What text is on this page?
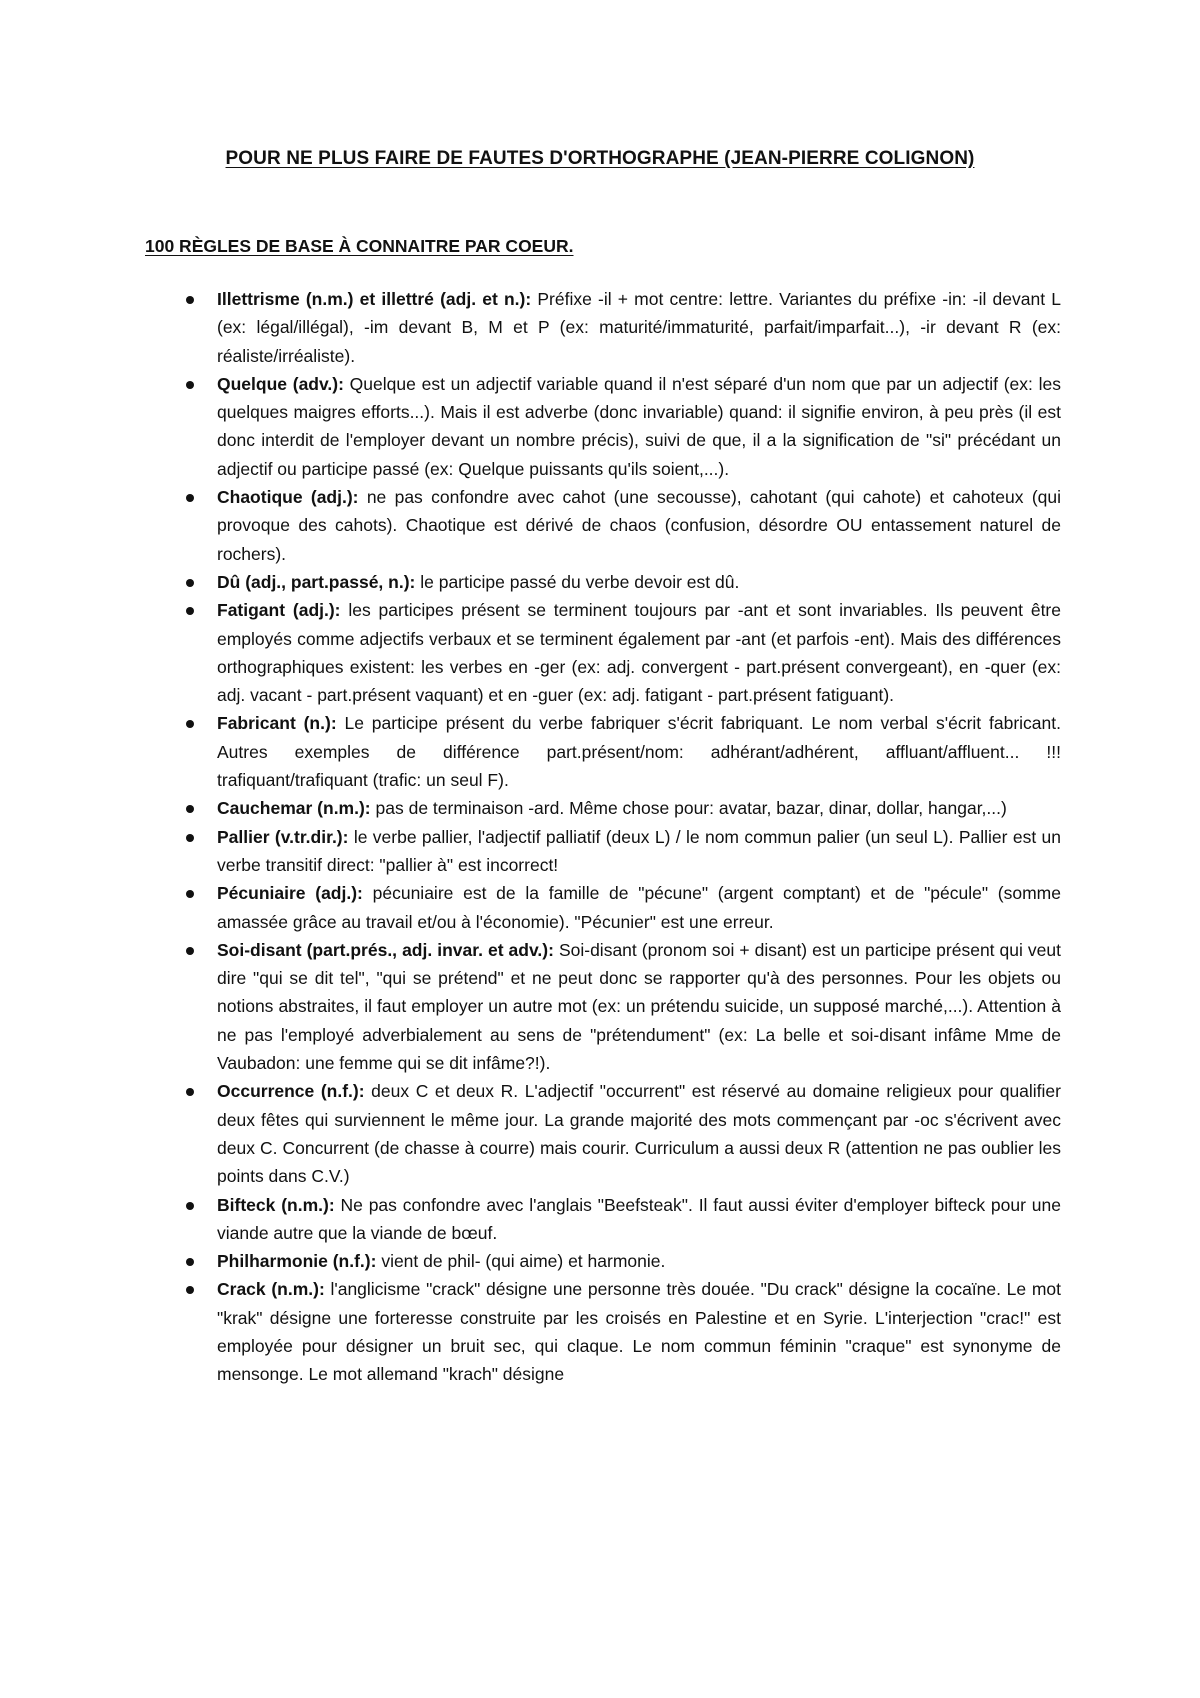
POUR NE PLUS FAIRE DE FAUTES D'ORTHOGRAPHE (JEAN-PIERRE COLIGNON)

100 RÈGLES DE BASE À CONNAITRE PAR COEUR.

Illettrisme (n.m.) et illettré (adj. et n.): Préfixe -il + mot centre: lettre. Variantes du préfixe -in: -il devant L (ex: légal/illégal), -im devant B, M et P (ex: maturité/immaturité, parfait/imparfait...), -ir devant R (ex: réaliste/irréaliste).
Quelque (adv.): Quelque est un adjectif variable quand il n'est séparé d'un nom que par un adjectif (ex: les quelques maigres efforts...). Mais il est adverbe (donc invariable) quand: il signifie environ, à peu près (il est donc interdit de l'employer devant un nombre précis), suivi de que, il a la signification de "si" précédant un adjectif ou participe passé (ex: Quelque puissants qu'ils soient,...).
Chaotique (adj.): ne pas confondre avec cahot (une secousse), cahotant (qui cahote) et cahoteux (qui provoque des cahots). Chaotique est dérivé de chaos (confusion, désordre OU entassement naturel de rochers).
Dû (adj., part.passé, n.): le participe passé du verbe devoir est dû.
Fatigant (adj.): les participes présent se terminent toujours par -ant et sont invariables. Ils peuvent être employés comme adjectifs verbaux et se terminent également par -ant (et parfois -ent). Mais des différences orthographiques existent: les verbes en -ger (ex: adj. convergent - part.présent convergeant), en -quer (ex: adj. vacant - part.présent vaquant) et en -guer (ex: adj. fatigant - part.présent fatiguant).
Fabricant (n.): Le participe présent du verbe fabriquer s'écrit fabriquant. Le nom verbal s'écrit fabricant. Autres exemples de différence part.présent/nom: adhérant/adhérent, affluant/affluent... !!! trafiquant/trafiquant (trafic: un seul F).
Cauchemar (n.m.): pas de terminaison -ard. Même chose pour: avatar, bazar, dinar, dollar, hangar,...)
Pallier (v.tr.dir.): le verbe pallier, l'adjectif palliatif (deux L) / le nom commun palier (un seul L). Pallier est un verbe transitif direct: "pallier à" est incorrect!
Pécuniaire (adj.): pécuniaire est de la famille de "pécune" (argent comptant) et de "pécule" (somme amassée grâce au travail et/ou à l'économie). "Pécunier" est une erreur.
Soi-disant (part.prés., adj. invar. et adv.): Soi-disant (pronom soi + disant) est un participe présent qui veut dire "qui se dit tel", "qui se prétend" et ne peut donc se rapporter qu'à des personnes. Pour les objets ou notions abstraites, il faut employer un autre mot (ex: un prétendu suicide, un supposé marché,...). Attention à ne pas l'employé adverbialement au sens de "prétendument" (ex: La belle et soi-disant infâme Mme de Vaubadon: une femme qui se dit infâme?!).
Occurrence (n.f.): deux C et deux R. L'adjectif "occurrent" est réservé au domaine religieux pour qualifier deux fêtes qui surviennent le même jour. La grande majorité des mots commençant par -oc s'écrivent avec deux C. Concurrent (de chasse à courre) mais courir. Curriculum a aussi deux R (attention ne pas oublier les points dans C.V.)
Bifteck (n.m.): Ne pas confondre avec l'anglais "Beefsteak". Il faut aussi éviter d'employer bifteck pour une viande autre que la viande de bœuf.
Philharmonie (n.f.): vient de phil- (qui aime) et harmonie.
Crack (n.m.): l'anglicisme "crack" désigne une personne très douée. "Du crack" désigne la cocaïne. Le mot "krak" désigne une forteresse construite par les croisés en Palestine et en Syrie. L'interjection "crac!" est employée pour désigner un bruit sec, qui claque. Le nom commun féminin "craque" est synonyme de mensonge. Le mot allemand "krach" désigne
